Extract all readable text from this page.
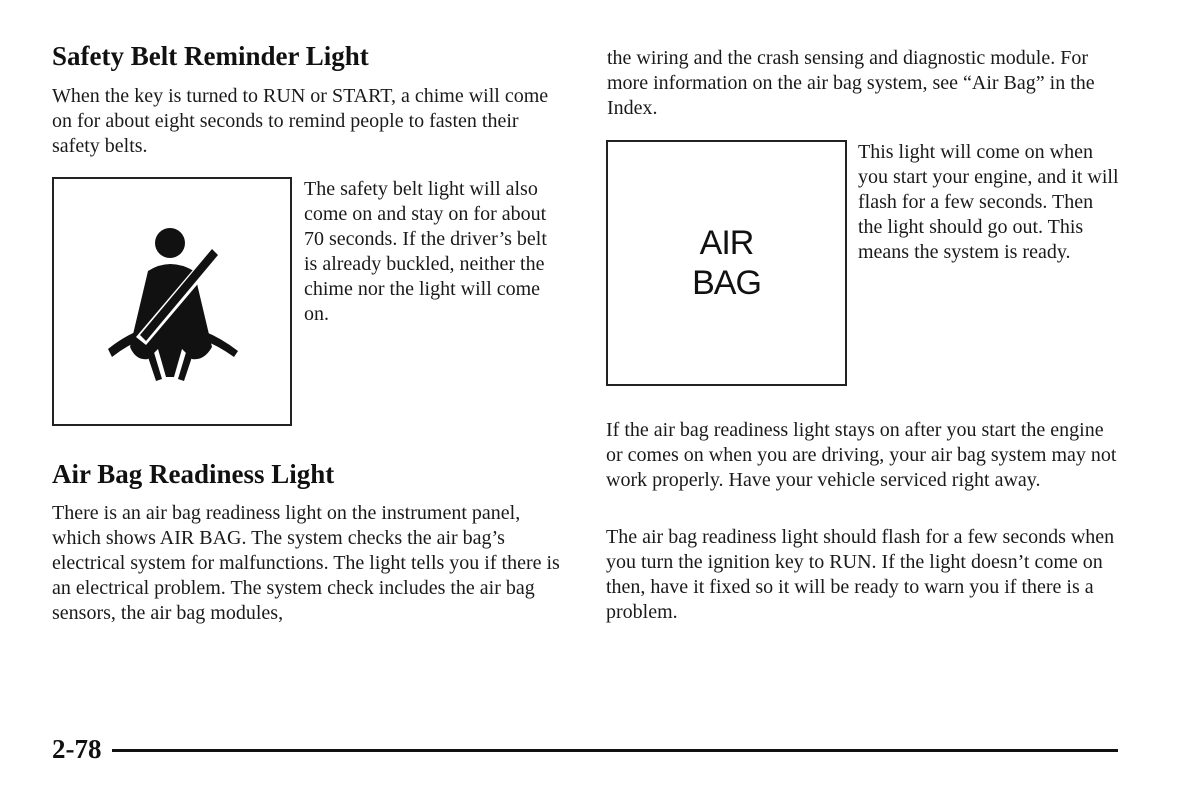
Safety Belt Reminder Light

When the key is turned to RUN or START, a chime will come on for about eight seconds to remind people to fasten their safety belts.

The safety belt light will also come on and stay on for about 70 seconds. If the driver’s belt is already buckled, neither the chime nor the light will come on.

Air Bag Readiness Light

There is an air bag readiness light on the instrument panel, which shows AIR BAG. The system checks the air bag’s electrical system for malfunctions. The light tells you if there is an electrical problem. The system check includes the air bag sensors, the air bag modules,

the wiring and the crash sensing and diagnostic module. For more information on the air bag system, see “Air Bag” in the Index.

AIR
BAG

This light will come on when you start your engine, and it will flash for a few seconds. Then the light should go out. This means the system is ready.

If the air bag readiness light stays on after you start the engine or comes on when you are driving, your air bag system may not work properly. Have your vehicle serviced right away.

The air bag readiness light should flash for a few seconds when you turn the ignition key to RUN. If the light doesn’t come on then, have it fixed so it will be ready to warn you if there is a problem.

2-78
